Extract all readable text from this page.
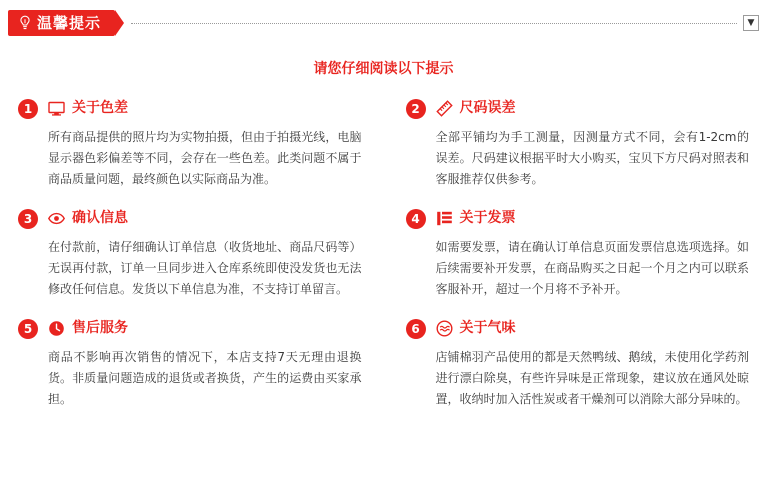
温馨提示	▼
请您仔细阅读以下提示
1	关于色差
所有商品提供的照片均为实物拍摄，但由于拍摄光线，电脑显示器色彩偏差等不同，会存在一些色差。此类问题不属于商品质量问题，最终颜色以实际商品为准。
2	尺码误差
全部平铺均为手工测量，因测量方式不同，会有1-2cm的误差。尺码建议根据平时大小购买，宝贝下方尺码对照表和客服推荐仅供参考。
3	确认信息
在付款前，请仔细确认订单信息（收货地址、商品尺码等）无误再付款，订单一旦同步进入仓库系统即使没发货也无法修改任何信息。发货以下单信息为准，不支持订单留言。
4	关于发票
如需要发票，请在确认订单信息页面发票信息选项选择。如后续需要补开发票，在商品购买之日起一个月之内可以联系客服补开，超过一个月将不予补开。
5	售后服务
商品不影响再次销售的情况下，本店支持7天无理由退换货。非质量问题造成的退货或者换货，产生的运费由买家承担。
6	关于气味
店铺棉羽产品使用的都是天然鸭绒、鹅绒，未使用化学药剂进行漂白除臭，有些许异味是正常现象，建议放在通风处晾置，收纳时加入活性炭或者干燥剂可以消除大部分异味的。
